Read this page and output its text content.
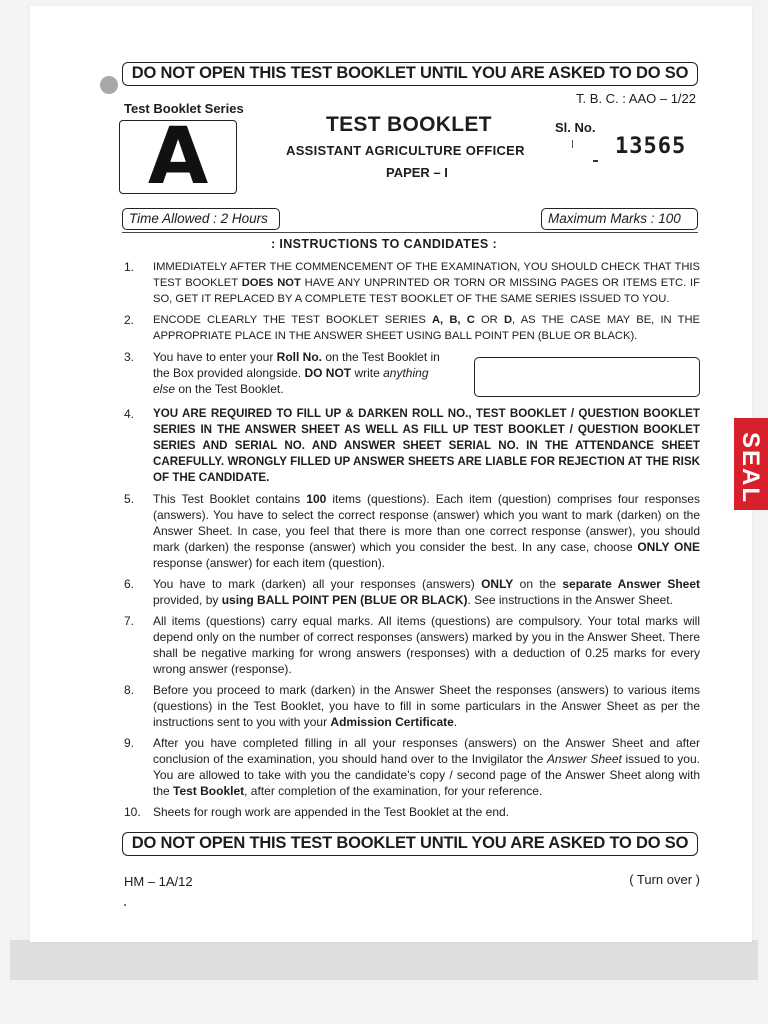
SEAL
DO NOT OPEN THIS TEST BOOKLET UNTIL YOU ARE ASKED TO DO SO
Test Booklet Series
A
T. B. C. : AAO – 1/22
TEST BOOKLET	Sl. No.
13565
ASSISTANT AGRICULTURE OFFICER
PAPER – I
Time Allowed : 2 Hours	Maximum Marks : 100
: INSTRUCTIONS TO CANDIDATES :
1.	IMMEDIATELY AFTER THE COMMENCEMENT OF THE EXAMINATION, YOU SHOULD CHECK THAT THIS TEST BOOKLET DOES NOT HAVE ANY UNPRINTED OR TORN OR MISSING PAGES OR ITEMS ETC. IF SO, GET IT REPLACED BY A COMPLETE TEST BOOKLET OF THE SAME SERIES ISSUED TO YOU.
2.	ENCODE CLEARLY THE TEST BOOKLET SERIES A, B, C OR D, AS THE CASE MAY BE, IN THE APPROPRIATE PLACE IN THE ANSWER SHEET USING BALL POINT PEN (BLUE OR BLACK).
3.	You have to enter your Roll No. on the Test Booklet in the Box provided alongside. DO NOT write anything else on the Test Booklet.
4.	YOU ARE REQUIRED TO FILL UP & DARKEN ROLL NO., TEST BOOKLET / QUESTION BOOKLET SERIES IN THE ANSWER SHEET AS WELL AS FILL UP TEST BOOKLET / QUESTION BOOKLET SERIES AND SERIAL NO. AND ANSWER SHEET SERIAL NO. IN THE ATTENDANCE SHEET CAREFULLY. WRONGLY FILLED UP ANSWER SHEETS ARE LIABLE FOR REJECTION AT THE RISK OF THE CANDIDATE.
5.	This Test Booklet contains 100 items (questions). Each item (question) comprises four responses (answers). You have to select the correct response (answer) which you want to mark (darken) on the Answer Sheet. In case, you feel that there is more than one correct response (answer), you should mark (darken) the response (answer) which you consider the best. In any case, choose ONLY ONE response (answer) for each item (question).
6.	You have to mark (darken) all your responses (answers) ONLY on the separate Answer Sheet provided, by using BALL POINT PEN (BLUE OR BLACK). See instructions in the Answer Sheet.
7.	All items (questions) carry equal marks. All items (questions) are compulsory. Your total marks will depend only on the number of correct responses (answers) marked by you in the Answer Sheet. There shall be negative marking for wrong answers (responses) with a deduction of 0.25 marks for every wrong answer (response).
8.	Before you proceed to mark (darken) in the Answer Sheet the responses (answers) to various items (questions) in the Test Booklet, you have to fill in some particulars in the Answer Sheet as per the instructions sent to you with your Admission Certificate.
9.	After you have completed filling in all your responses (answers) on the Answer Sheet and after conclusion of the examination, you should hand over to the Invigilator the Answer Sheet issued to you. You are allowed to take with you the candidate's copy / second page of the Answer Sheet along with the Test Booklet, after completion of the examination, for your reference.
10.	Sheets for rough work are appended in the Test Booklet at the end.
DO NOT OPEN THIS TEST BOOKLET UNTIL YOU ARE ASKED TO DO SO
HM – 1A/12	( Turn over )
